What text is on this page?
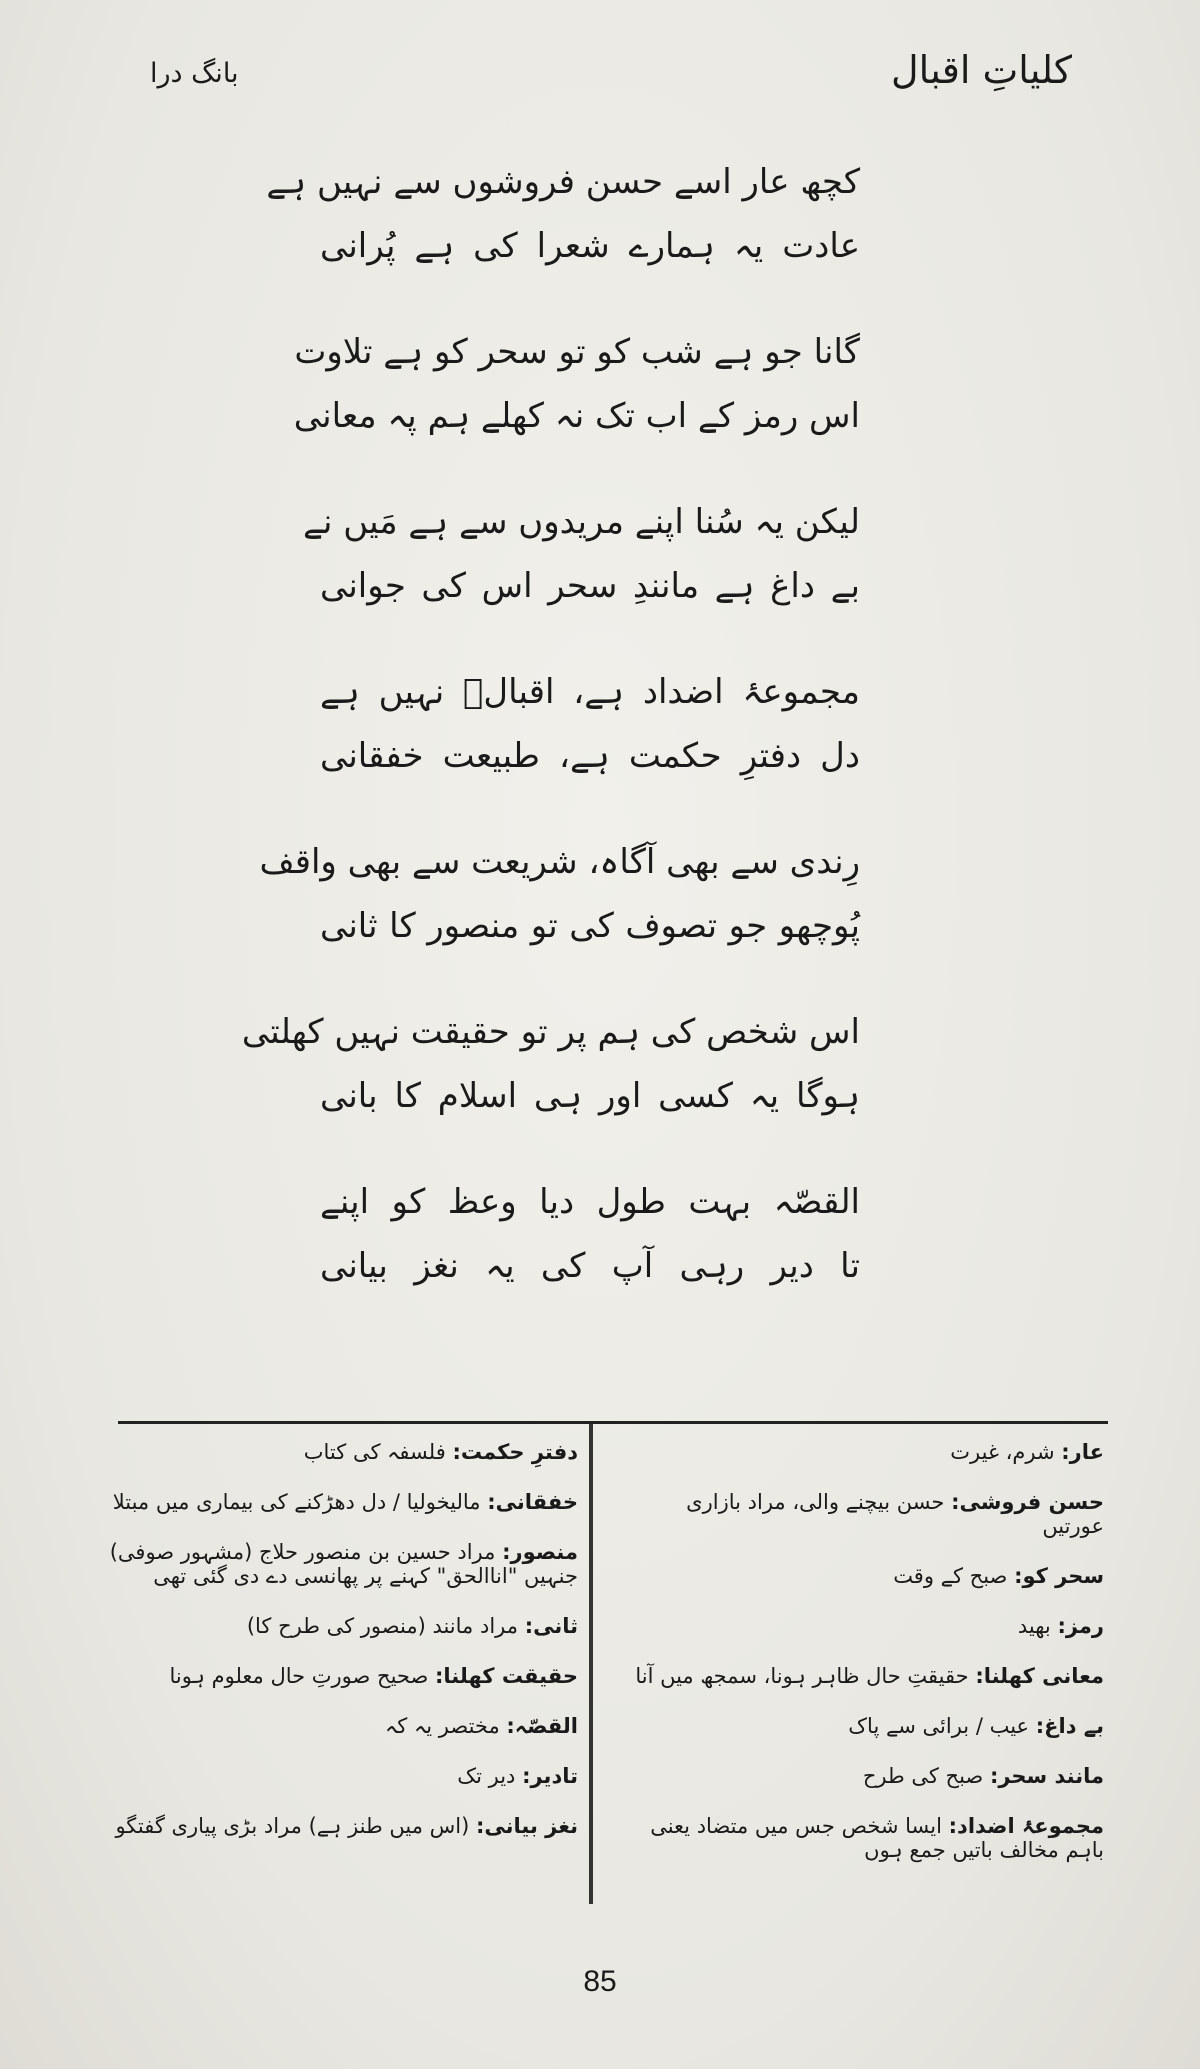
کلیاتِ اقبال
بانگ درا
کچھ عار اسے حسن فروشوں سے نہیں ہے
عادت یہ ہمارے شعرا کی ہے پُرانی
گانا جو ہے شب کو تو سحر کو ہے تلاوت
اس رمز کے اب تک نہ کھلے ہم پہ معانی
لیکن یہ سُنا اپنے مریدوں سے ہے مَیں نے
بے داغ ہے مانندِ سحر اس کی جوانی
مجموعۂ اضداد ہے، اقبالؔ نہیں ہے
دل دفترِ حکمت ہے، طبیعت خفقانی
رِندی سے بھی آگاہ، شریعت سے بھی واقف
پُوچھو جو تصوف کی تو منصور کا ثانی
اس شخص کی ہم پر تو حقیقت نہیں کھلتی
ہوگا یہ کسی اور ہی اسلام کا بانی
القصّہ بہت طول دیا وعظ کو اپنے
تا دیر رہی آپ کی یہ نغز بیانی
عار: شرم، غیرت
حسن فروشی: حسن بیچنے والی، مراد بازاری عورتیں
سحر کو: صبح کے وقت
رمز: بھید
معانی کھلنا: حقیقتِ حال ظاہر ہونا، سمجھ میں آنا
بے داغ: عیب / برائی سے پاک
مانند سحر: صبح کی طرح
مجموعۂ اضداد: ایسا شخص جس میں متضاد یعنی باہم مخالف باتیں جمع ہوں
دفترِ حکمت: فلسفہ کی کتاب
خفقانی: مالیخولیا / دل دھڑکنے کی بیماری میں مبتلا
منصور: مراد حسین بن منصور حلاج (مشہور صوفی) جنہیں "اناالحق" کہنے پر پھانسی دے دی گئی تھی
ثانی: مراد مانند (منصور کی طرح کا)
حقیقت کھلنا: صحیح صورتِ حال معلوم ہونا
القصّہ: مختصر یہ کہ
تادیر: دیر تک
نغز بیانی: (اس میں طنز ہے) مراد بڑی پیاری گفتگو
85
